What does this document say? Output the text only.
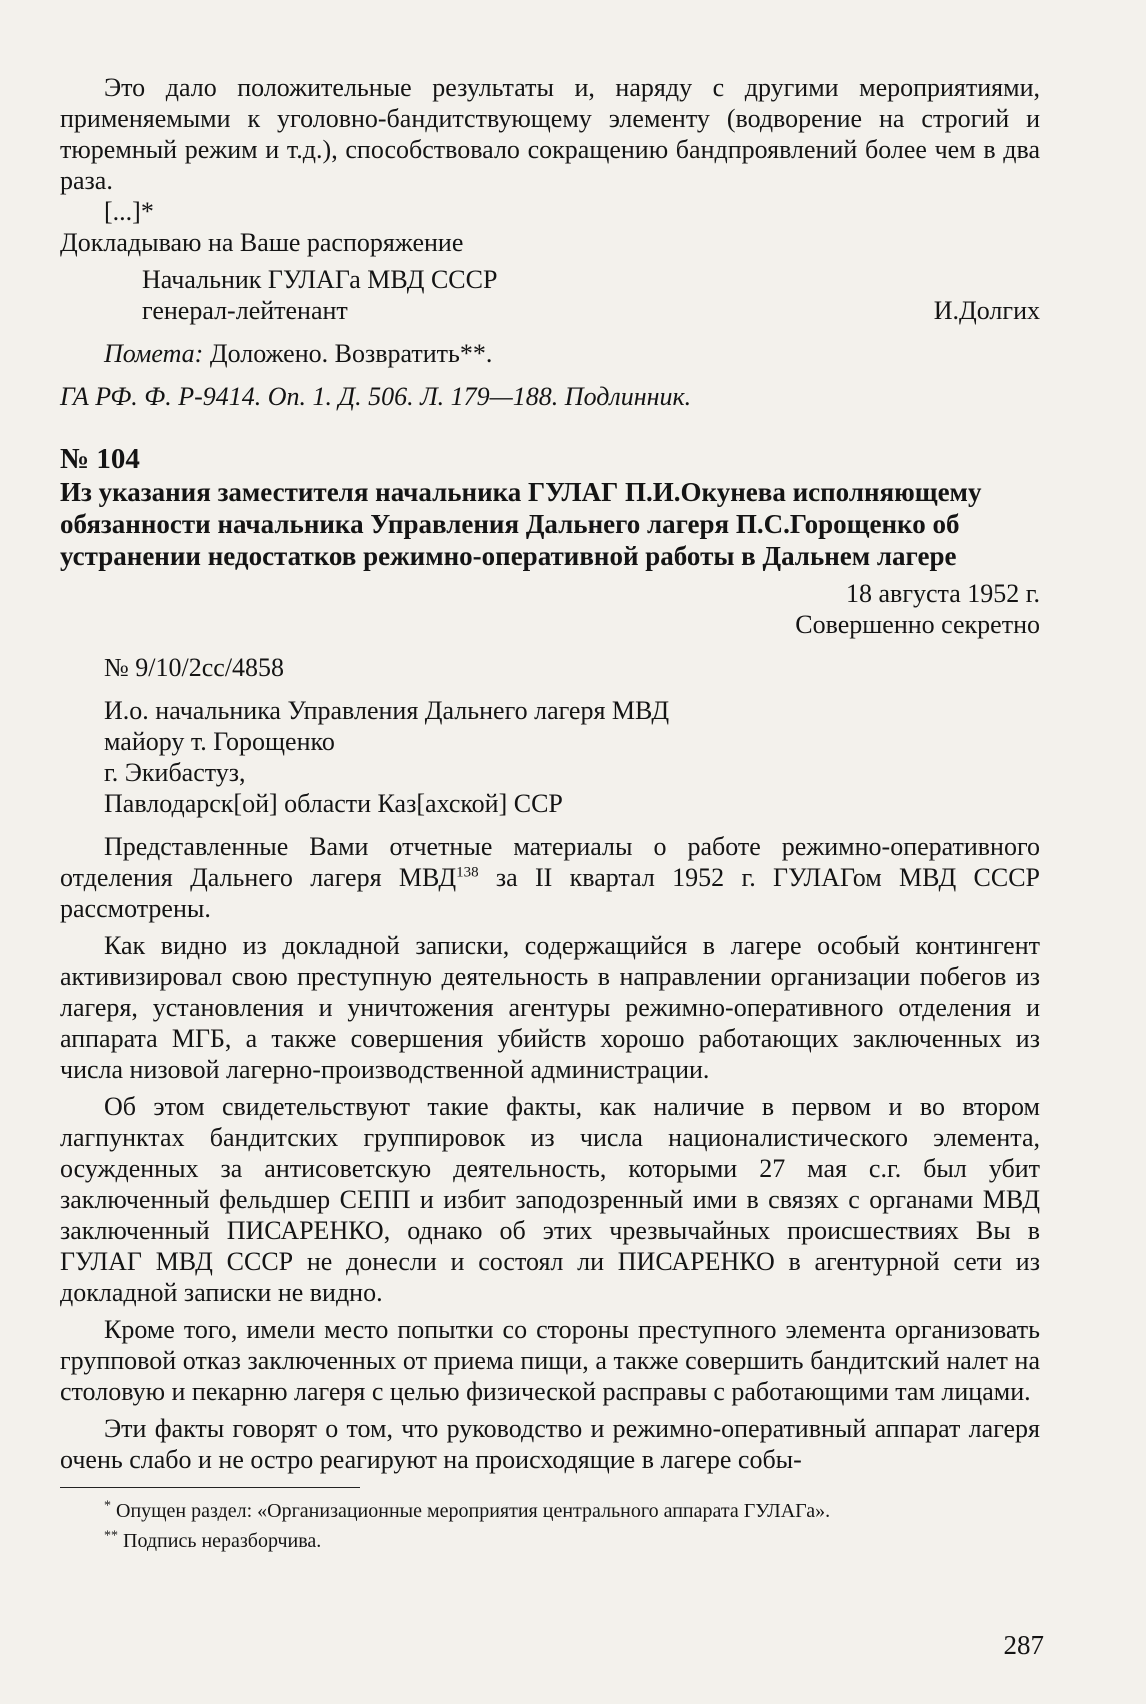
Это дало положительные результаты и, наряду с другими мероприятиями, применяемыми к уголовно-бандитствующему элементу (водворение на строгий и тюремный режим и т.д.), способствовало сокращению бандпроявлений более чем в два раза.

[...]*

Докладываю на Ваше распоряжение

Начальник ГУЛАГа МВД СССР

генерал-лейтенант	И.Долгих

Помета: Доложено. Возвратить**.

ГА РФ. Ф. Р-9414. Оп. 1. Д. 506. Л. 179—188. Подлинник.

№ 104

Из указания заместителя начальника ГУЛАГ П.И.Окунева исполняющему обязанности начальника Управления Дальнего лагеря П.С.Горощенко об устранении недостатков режимно-оперативной работы в Дальнем лагере

18 августа 1952 г.

Совершенно секретно

№ 9/10/2сс/4858

И.о. начальника Управления Дальнего лагеря МВД

майору т. Горощенко

г. Экибастуз,

Павлодарск[ой] области Каз[ахской] ССР

Представленные Вами отчетные материалы о работе режимно-оперативного отделения Дальнего лагеря МВД$^{138}$ за II квартал 1952 г. ГУЛАГом МВД СССР рассмотрены.

Как видно из докладной записки, содержащийся в лагере особый контингент активизировал свою преступную деятельность в направлении организации побегов из лагеря, установления и уничтожения агентуры режимно-оперативного отделения и аппарата МГБ, а также совершения убийств хорошо работающих заключенных из числа низовой лагерно-производственной администрации.

Об этом свидетельствуют такие факты, как наличие в первом и во втором лагпунктах бандитских группировок из числа националистического элемента, осужденных за антисоветскую деятельность, которыми 27 мая с.г. был убит заключенный фельдшер СЕПП и избит заподозренный ими в связях с органами МВД заключенный ПИСАРЕНКО, однако об этих чрезвычайных происшествиях Вы в ГУЛАГ МВД СССР не донесли и состоял ли ПИСАРЕНКО в агентурной сети из докладной записки не видно.

Кроме того, имели место попытки со стороны преступного элемента организовать групповой отказ заключенных от приема пищи, а также совершить бандитский налет на столовую и пекарню лагеря с целью физической расправы с работающими там лицами.

Эти факты говорят о том, что руководство и режимно-оперативный аппарат лагеря очень слабо и не остро реагируют на происходящие в лагере собы-

* Опущен раздел: «Организационные мероприятия центрального аппарата ГУЛАГа».

** Подпись неразборчива.

287
